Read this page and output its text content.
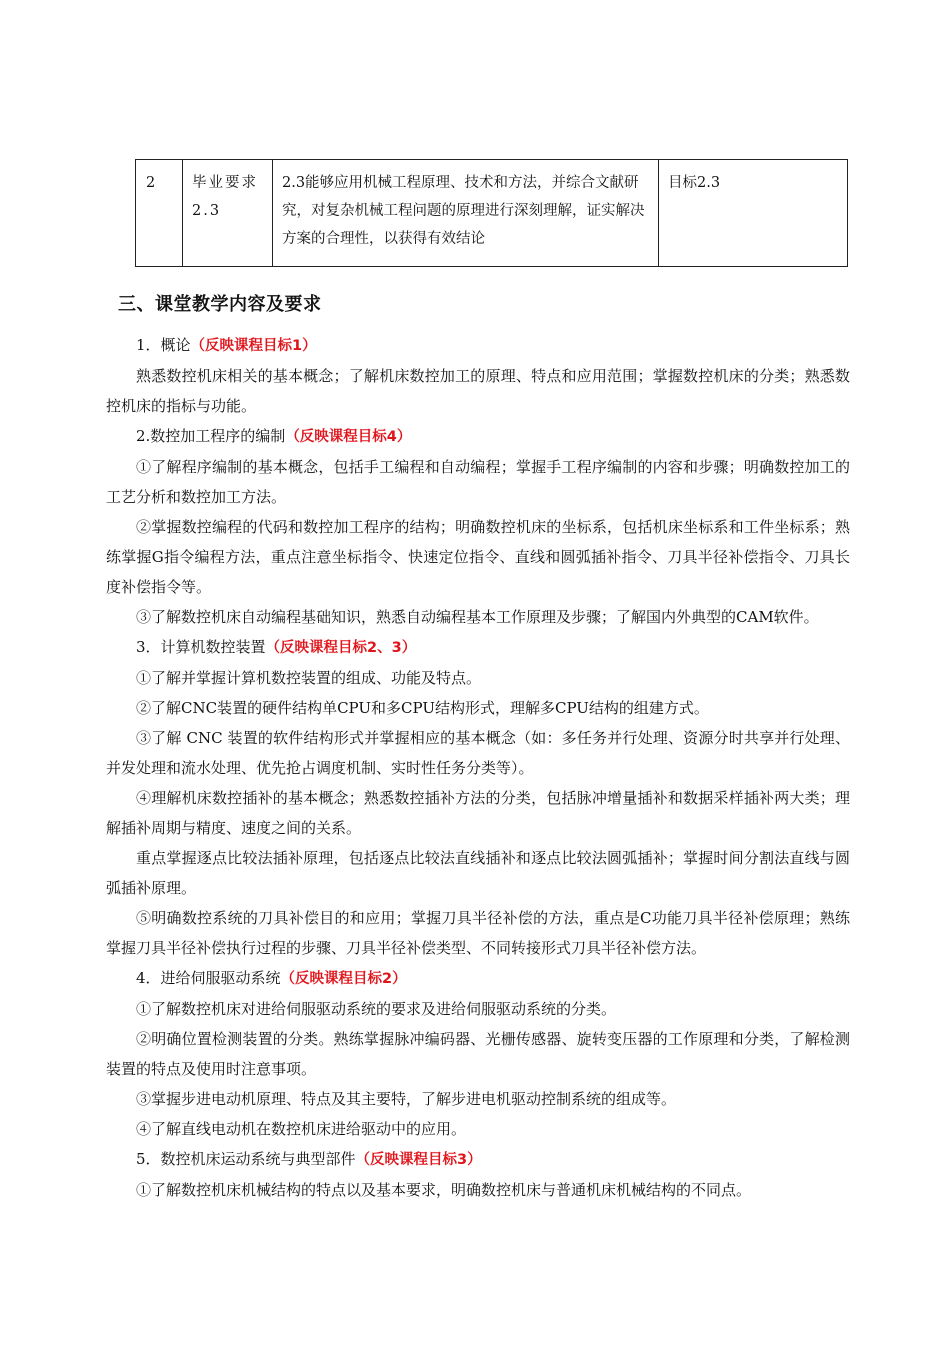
2	毕业要求2.3	2.3能够应用机械工程原理、技术和方法，并综合文献研究，对复杂机械工程问题的原理进行深刻理解，证实解决方案的合理性，以获得有效结论	目标2.3
三、课堂教学内容及要求

1．概论（反映课程目标1）

熟悉数控机床相关的基本概念；了解机床数控加工的原理、特点和应用范围；掌握数控机床的分类；熟悉数控机床的指标与功能。

2.数控加工程序的编制（反映课程目标4）

①了解程序编制的基本概念，包括手工编程和自动编程；掌握手工程序编制的内容和步骤；明确数控加工的工艺分析和数控加工方法。

②掌握数控编程的代码和数控加工程序的结构；明确数控机床的坐标系，包括机床坐标系和工件坐标系；熟练掌握G指令编程方法，重点注意坐标指令、快速定位指令、直线和圆弧插补指令、刀具半径补偿指令、刀具长度补偿指令等。

③了解数控机床自动编程基础知识，熟悉自动编程基本工作原理及步骤；了解国内外典型的CAM软件。

3．计算机数控装置（反映课程目标2、3）

①了解并掌握计算机数控装置的组成、功能及特点。

②了解CNC装置的硬件结构单CPU和多CPU结构形式，理解多CPU结构的组建方式。

③了解 CNC 装置的软件结构形式并掌握相应的基本概念（如：多任务并行处理、资源分时共享并行处理、并发处理和流水处理、优先抢占调度机制、实时性任务分类等）。

④理解机床数控插补的基本概念；熟悉数控插补方法的分类，包括脉冲增量插补和数据采样插补两大类；理解插补周期与精度、速度之间的关系。

重点掌握逐点比较法插补原理，包括逐点比较法直线插补和逐点比较法圆弧插补；掌握时间分割法直线与圆弧插补原理。

⑤明确数控系统的刀具补偿目的和应用；掌握刀具半径补偿的方法，重点是C功能刀具半径补偿原理；熟练掌握刀具半径补偿执行过程的步骤、刀具半径补偿类型、不同转接形式刀具半径补偿方法。

4．进给伺服驱动系统（反映课程目标2）

①了解数控机床对进给伺服驱动系统的要求及进给伺服驱动系统的分类。

②明确位置检测装置的分类。熟练掌握脉冲编码器、光栅传感器、旋转变压器的工作原理和分类，了解检测装置的特点及使用时注意事项。

③掌握步进电动机原理、特点及其主要特，了解步进电机驱动控制系统的组成等。

④了解直线电动机在数控机床进给驱动中的应用。

5．数控机床运动系统与典型部件（反映课程目标3）

①了解数控机床机械结构的特点以及基本要求，明确数控机床与普通机床机械结构的不同点。
